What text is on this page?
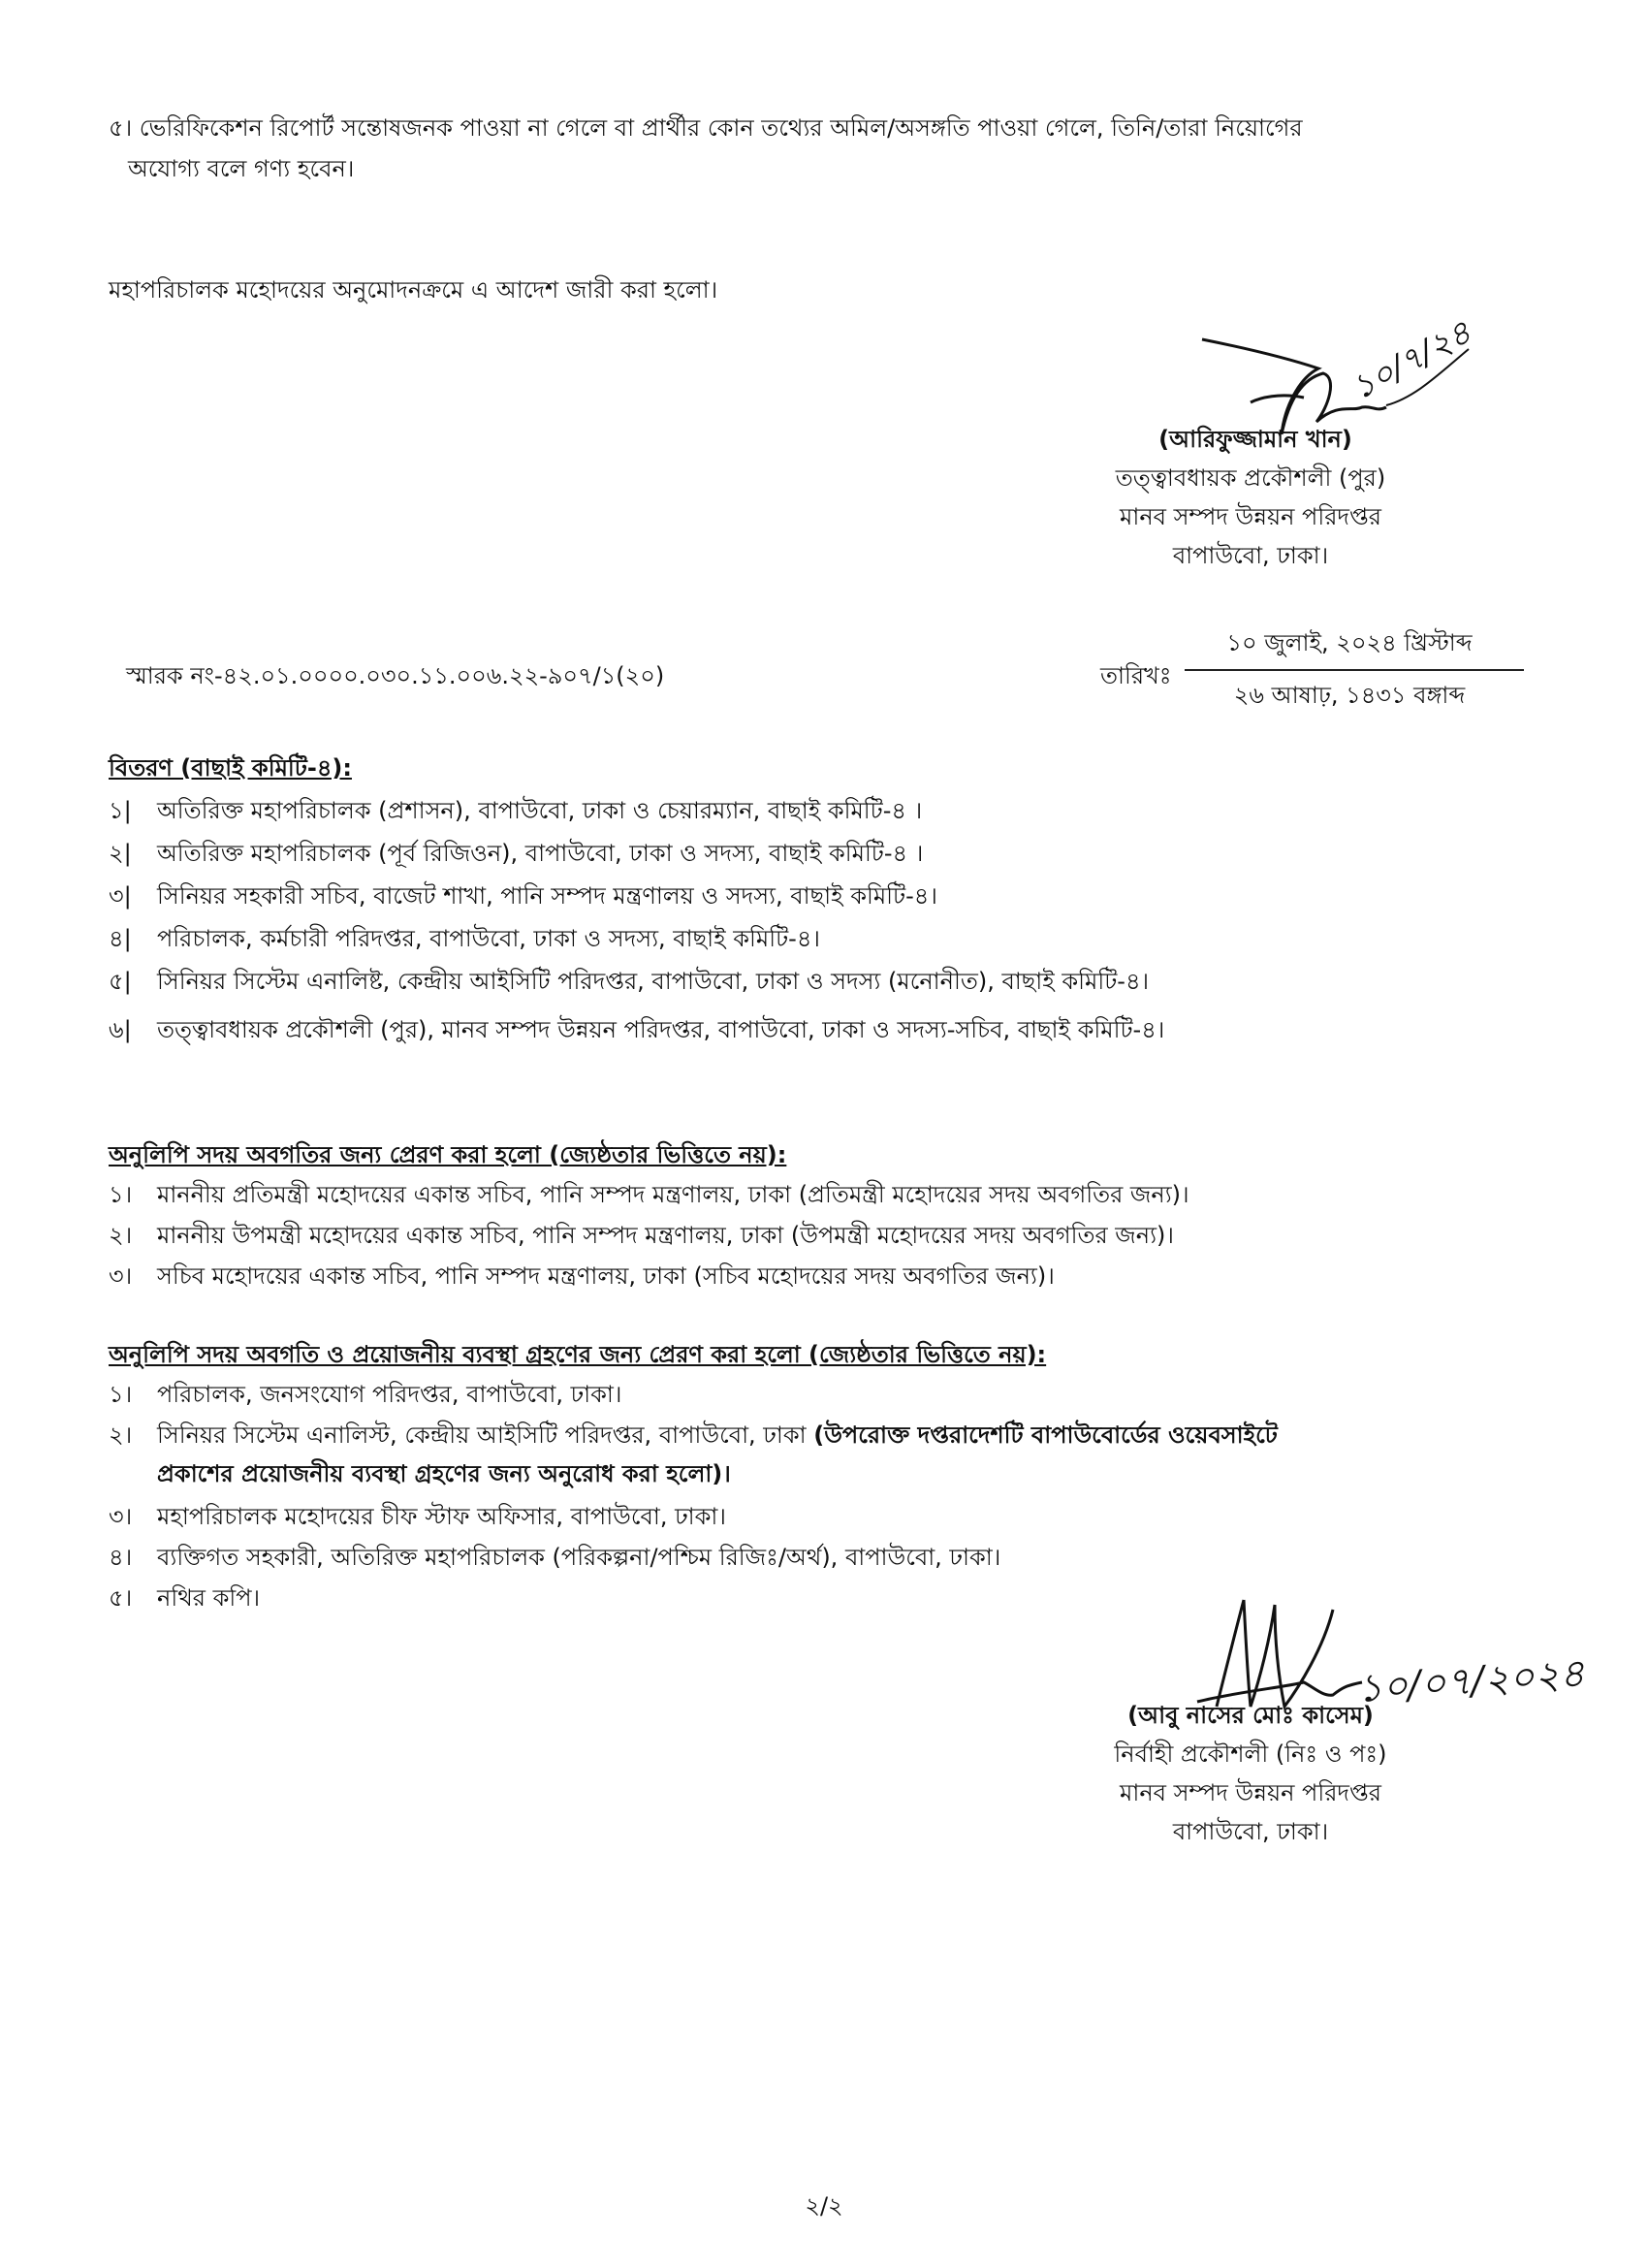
৫। ভেরিফিকেশন রিপোর্ট সন্তোষজনক পাওয়া না গেলে বা প্রার্থীর কোন তথ্যের অমিল/অসঙ্গতি পাওয়া গেলে, তিনি/তারা নিয়োগের
অযোগ্য বলে গণ্য হবেন।
মহাপরিচালক মহোদয়ের অনুমোদনক্রমে এ আদেশ জারী করা হলো।
১০/৭/২৪
(আরিফুজ্জামান খান)
তত্ত্বাবধায়ক প্রকৌশলী (পুর)
মানব সম্পদ উন্নয়ন পরিদপ্তর
বাপাউবো, ঢাকা।
স্মারক নং-৪২.০১.০০০০.০৩০.১১.০০৬.২২-৯০৭/১(২০)	তারিখঃ
১০ জুলাই, ২০২৪ খ্রিস্টাব্দ
২৬ আষাঢ়, ১৪৩১ বঙ্গাব্দ
বিতরণ (বাছাই কমিটি-৪):
১| অতিরিক্ত মহাপরিচালক (প্রশাসন), বাপাউবো, ঢাকা ও চেয়ারম্যান, বাছাই কমিটি-৪ ।
২| অতিরিক্ত মহাপরিচালক (পূর্ব রিজিওন), বাপাউবো, ঢাকা ও সদস্য, বাছাই কমিটি-৪ ।
৩| সিনিয়র সহকারী সচিব, বাজেট শাখা, পানি সম্পদ মন্ত্রণালয় ও সদস্য, বাছাই কমিটি-৪।
৪| পরিচালক, কর্মচারী পরিদপ্তর, বাপাউবো, ঢাকা ও সদস্য, বাছাই কমিটি-৪।
৫| সিনিয়র সিস্টেম এনালিষ্ট, কেন্দ্রীয় আইসিটি পরিদপ্তর, বাপাউবো, ঢাকা ও সদস্য (মনোনীত), বাছাই কমিটি-৪।
৬| তত্ত্বাবধায়ক প্রকৌশলী (পুর), মানব সম্পদ উন্নয়ন পরিদপ্তর, বাপাউবো, ঢাকা ও সদস্য-সচিব, বাছাই কমিটি-৪।
অনুলিপি সদয় অবগতির জন্য প্রেরণ করা হলো (জ্যেষ্ঠতার ভিত্তিতে নয়):
১। মাননীয় প্রতিমন্ত্রী মহোদয়ের একান্ত সচিব, পানি সম্পদ মন্ত্রণালয়, ঢাকা (প্রতিমন্ত্রী মহোদয়ের সদয় অবগতির জন্য)।
২। মাননীয় উপমন্ত্রী মহোদয়ের একান্ত সচিব, পানি সম্পদ মন্ত্রণালয়, ঢাকা (উপমন্ত্রী মহোদয়ের সদয় অবগতির জন্য)।
৩। সচিব মহোদয়ের একান্ত সচিব, পানি সম্পদ মন্ত্রণালয়, ঢাকা (সচিব মহোদয়ের সদয় অবগতির জন্য)।
অনুলিপি সদয় অবগতি ও প্রয়োজনীয় ব্যবস্থা গ্রহণের জন্য প্রেরণ করা হলো (জ্যেষ্ঠতার ভিত্তিতে নয়):
১। পরিচালক, জনসংযোগ পরিদপ্তর, বাপাউবো, ঢাকা।
২। সিনিয়র সিস্টেম এনালিস্ট, কেন্দ্রীয় আইসিটি পরিদপ্তর, বাপাউবো, ঢাকা (উপরোক্ত দপ্তরাদেশটি বাপাউবোর্ডের ওয়েবসাইটে
প্রকাশের প্রয়োজনীয় ব্যবস্থা গ্রহণের জন্য অনুরোধ করা হলো)।
৩। মহাপরিচালক মহোদয়ের চীফ স্টাফ অফিসার, বাপাউবো, ঢাকা।
৪। ব্যক্তিগত সহকারী, অতিরিক্ত মহাপরিচালক (পরিকল্পনা/পশ্চিম রিজিঃ/অর্থ), বাপাউবো, ঢাকা।
৫। নথির কপি।
১০/০৭/২০২৪
(আবু নাসের মোঃ কাসেম)
নির্বাহী প্রকৌশলী (নিঃ ও পঃ)
মানব সম্পদ উন্নয়ন পরিদপ্তর
বাপাউবো, ঢাকা।
২/২
